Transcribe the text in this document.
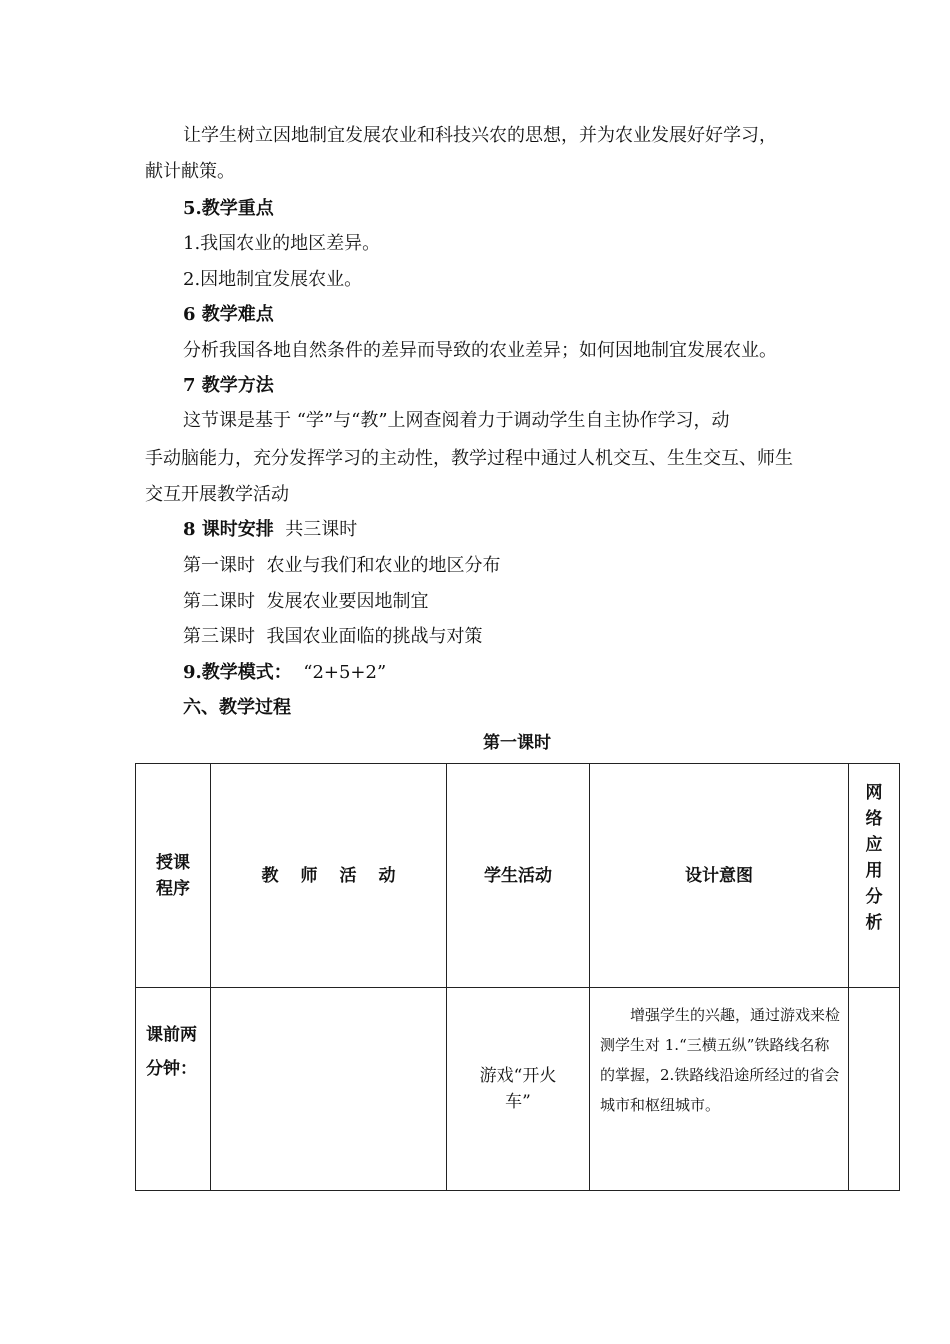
让学生树立因地制宜发展农业和科技兴农的思想，并为农业发展好好学习，
献计献策。
5.教学重点
1.我国农业的地区差异。
2.因地制宜发展农业。
6 教学难点
分析我国各地自然条件的差异而导致的农业差异；如何因地制宜发展农业。
7 教学方法
这节课是基于 “学”与“教”上网查阅着力于调动学生自主协作学习，动
手动脑能力，充分发挥学习的主动性，教学过程中通过人机交互、生生交互、师生
交互开展教学活动
8 课时安排  共三课时
第一课时  农业与我们和农业的地区分布
第二课时  发展农业要因地制宜
第三课时  我国农业面临的挑战与对策
9.教学模式：  “2+5+2”
六、教学过程
第一课时
授课程序	教师活动	学生活动	设计意图	网络应用分析

课前两分钟：		游戏“开火车”	增强学生的兴趣，通过游戏来检测学生对 1.“三横五纵”铁路线名称的掌握，2.铁路线沿途所经过的省会城市和枢纽城市。	
